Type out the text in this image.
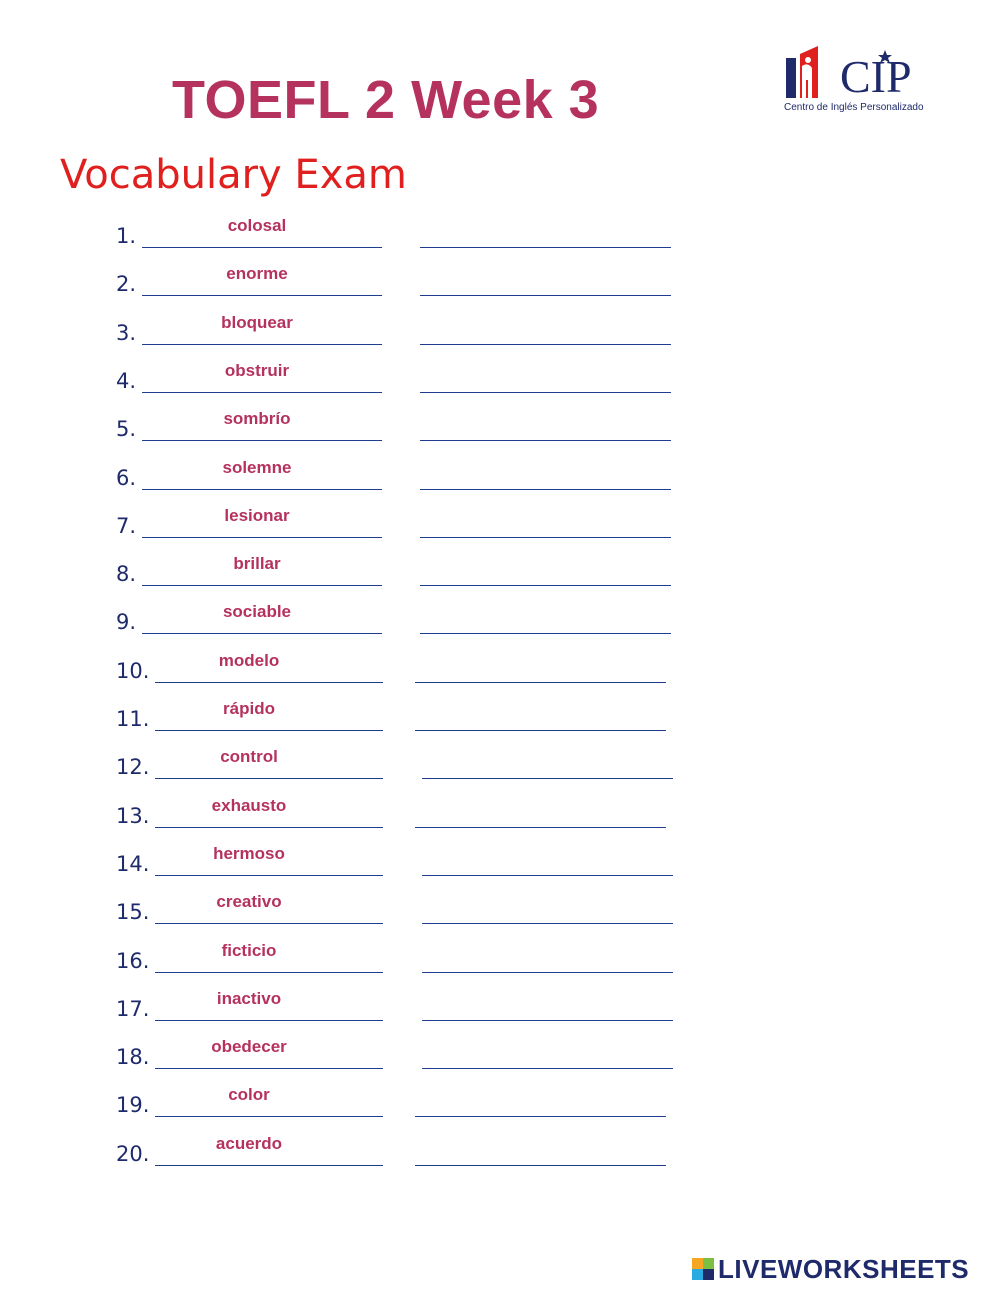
TOEFL 2 Week 3
Vocabulary Exam
CIP
Centro de Inglés Personalizado
1.	colosal
2.	enorme
3.	bloquear
4.	obstruir
5.	sombrío
6.	solemne
7.	lesionar
8.	brillar
9.	sociable
10.	modelo
11.	rápido
12.	control
13.	exhausto
14.	hermoso
15.	creativo
16.	ficticio
17.	inactivo
18.	obedecer
19.	color
20.	acuerdo
LIVEWORKSHEETS
